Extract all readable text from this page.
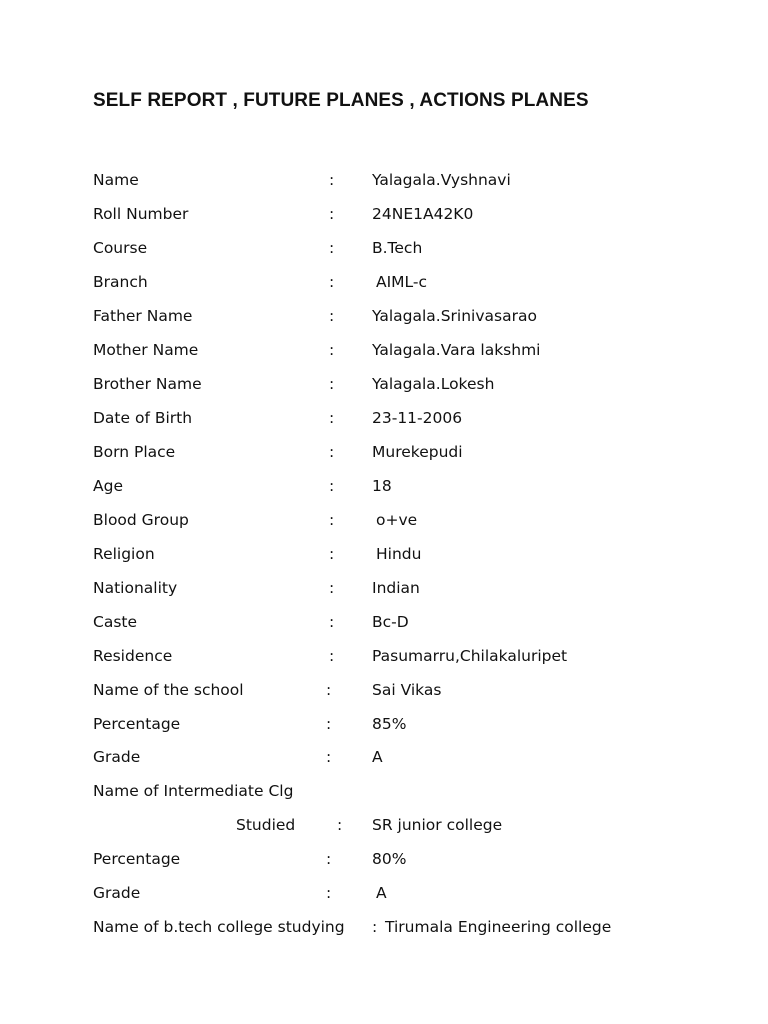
SELF REPORT , FUTURE PLANES , ACTIONS PLANES
Name	: Yalagala.Vyshnavi
Roll Number	: 24NE1A42K0
Course	: B.Tech
Branch	:	AIML-c
Father Name	: Yalagala.Srinivasarao
Mother Name	: Yalagala.Vara lakshmi
Brother Name	: Yalagala.Lokesh
Date of Birth	: 23-11-2006
Born Place	: Murekepudi
Age	: 18
Blood Group	:	o+ve
Religion	:	Hindu
Nationality	: Indian
Caste	: Bc-D
Residence	: Pasumarru,Chilakaluripet
Name of the school	:	Sai Vikas
Percentage	:	85%
Grade	:	A
Name of Intermediate Clg
Studied	: SR junior college
Percentage	:	80%
Grade	:	A
Name of b.tech college studying : Tirumala Engineering college
